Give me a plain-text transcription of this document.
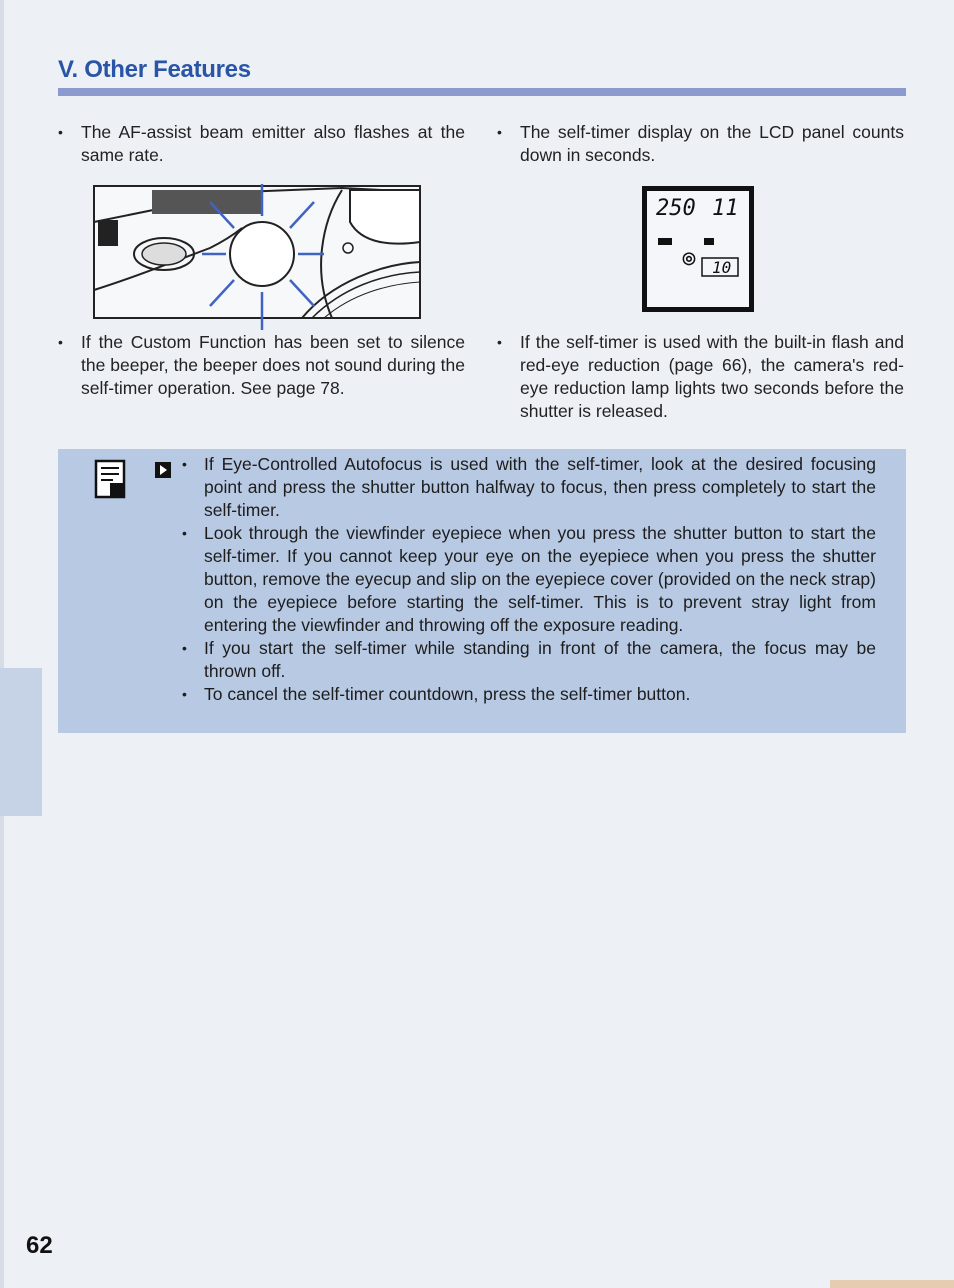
V. Other Features

• The AF-assist beam emitter also flashes at the same rate.

• The self-timer display on the LCD panel counts down in seconds.

250 11
◎ 10

• If the Custom Function has been set to silence the beeper, the beeper does not sound during the self-timer operation. See page 78.

• If the self-timer is used with the built-in flash and red-eye reduction (page 66), the camera's red-eye reduction lamp lights two seconds before the shutter is released.

• If Eye-Controlled Autofocus is used with the self-timer, look at the desired focusing point and press the shutter button halfway to focus, then press completely to start the self-timer.
• Look through the viewfinder eyepiece when you press the shutter button to start the self-timer. If you cannot keep your eye on the eyepiece when you press the shutter button, remove the eyecup and slip on the eyepiece cover (provided on the neck strap) on the eyepiece before starting the self-timer. This is to prevent stray light from entering the viewfinder and throwing off the exposure reading.
• If you start the self-timer while standing in front of the camera, the focus may be thrown off.
• To cancel the self-timer countdown, press the self-timer button.
62
